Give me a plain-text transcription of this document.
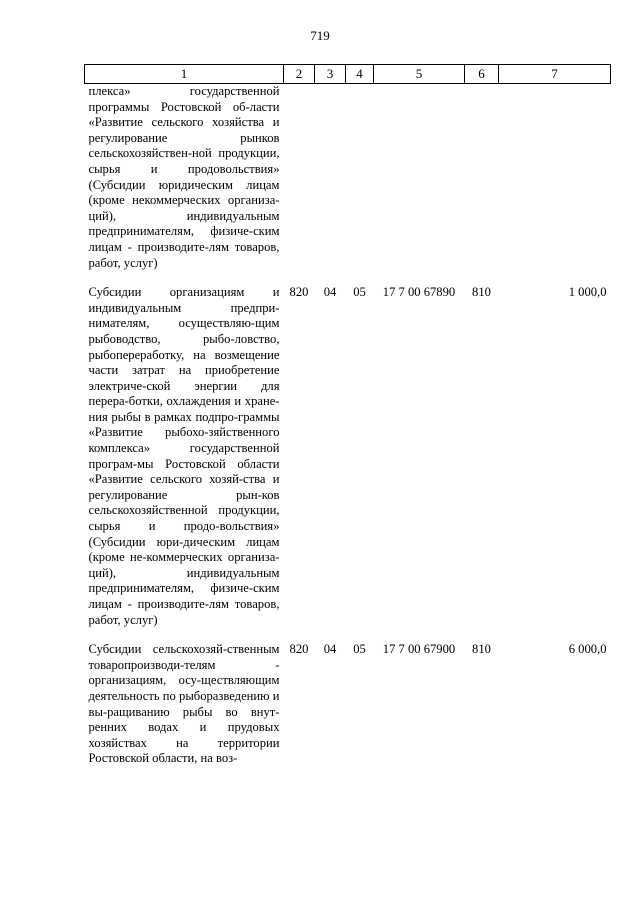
719
1	2	3	4	5	6	7
плекса» государственной программы Ростовской об-ласти «Развитие сельского хозяйства и регулирование рынков сельскохозяйствен-ной продукции, сырья и продовольствия» (Субсидии юридическим лицам (кроме некоммерческих организа-ций), индивидуальным предпринимателям, физиче-ским лицам - производите-лям товаров, работ, услуг)						
Субсидии организациям и индивидуальным предпри-нимателям, осуществляю-щим рыбоводство, рыбо-ловство, рыбопереработку, на возмещение части затрат на приобретение электриче-ской энергии для перера-ботки, охлаждения и хране-ния рыбы в рамках подпро-граммы «Развитие рыбохо-зяйственного комплекса» государственной програм-мы Ростовской области «Развитие сельского хозяй-ства и регулирование рын-ков сельскохозяйственной продукции, сырья и продо-вольствия» (Субсидии юри-дическим лицам (кроме не-коммерческих организа-ций), индивидуальным предпринимателям, физиче-ским лицам - производите-лям товаров, работ, услуг)	820	04	05	17 7 00 67890	810	1 000,0
Субсидии сельскохозяй-ственным товаропроизводи-телям - организациям, осу-ществляющим деятельность по рыборазведению и вы-ращиванию рыбы во внут-ренних водах и прудовых хозяйствах на территории Ростовской области, на воз-	820	04	05	17 7 00 67900	810	6 000,0
